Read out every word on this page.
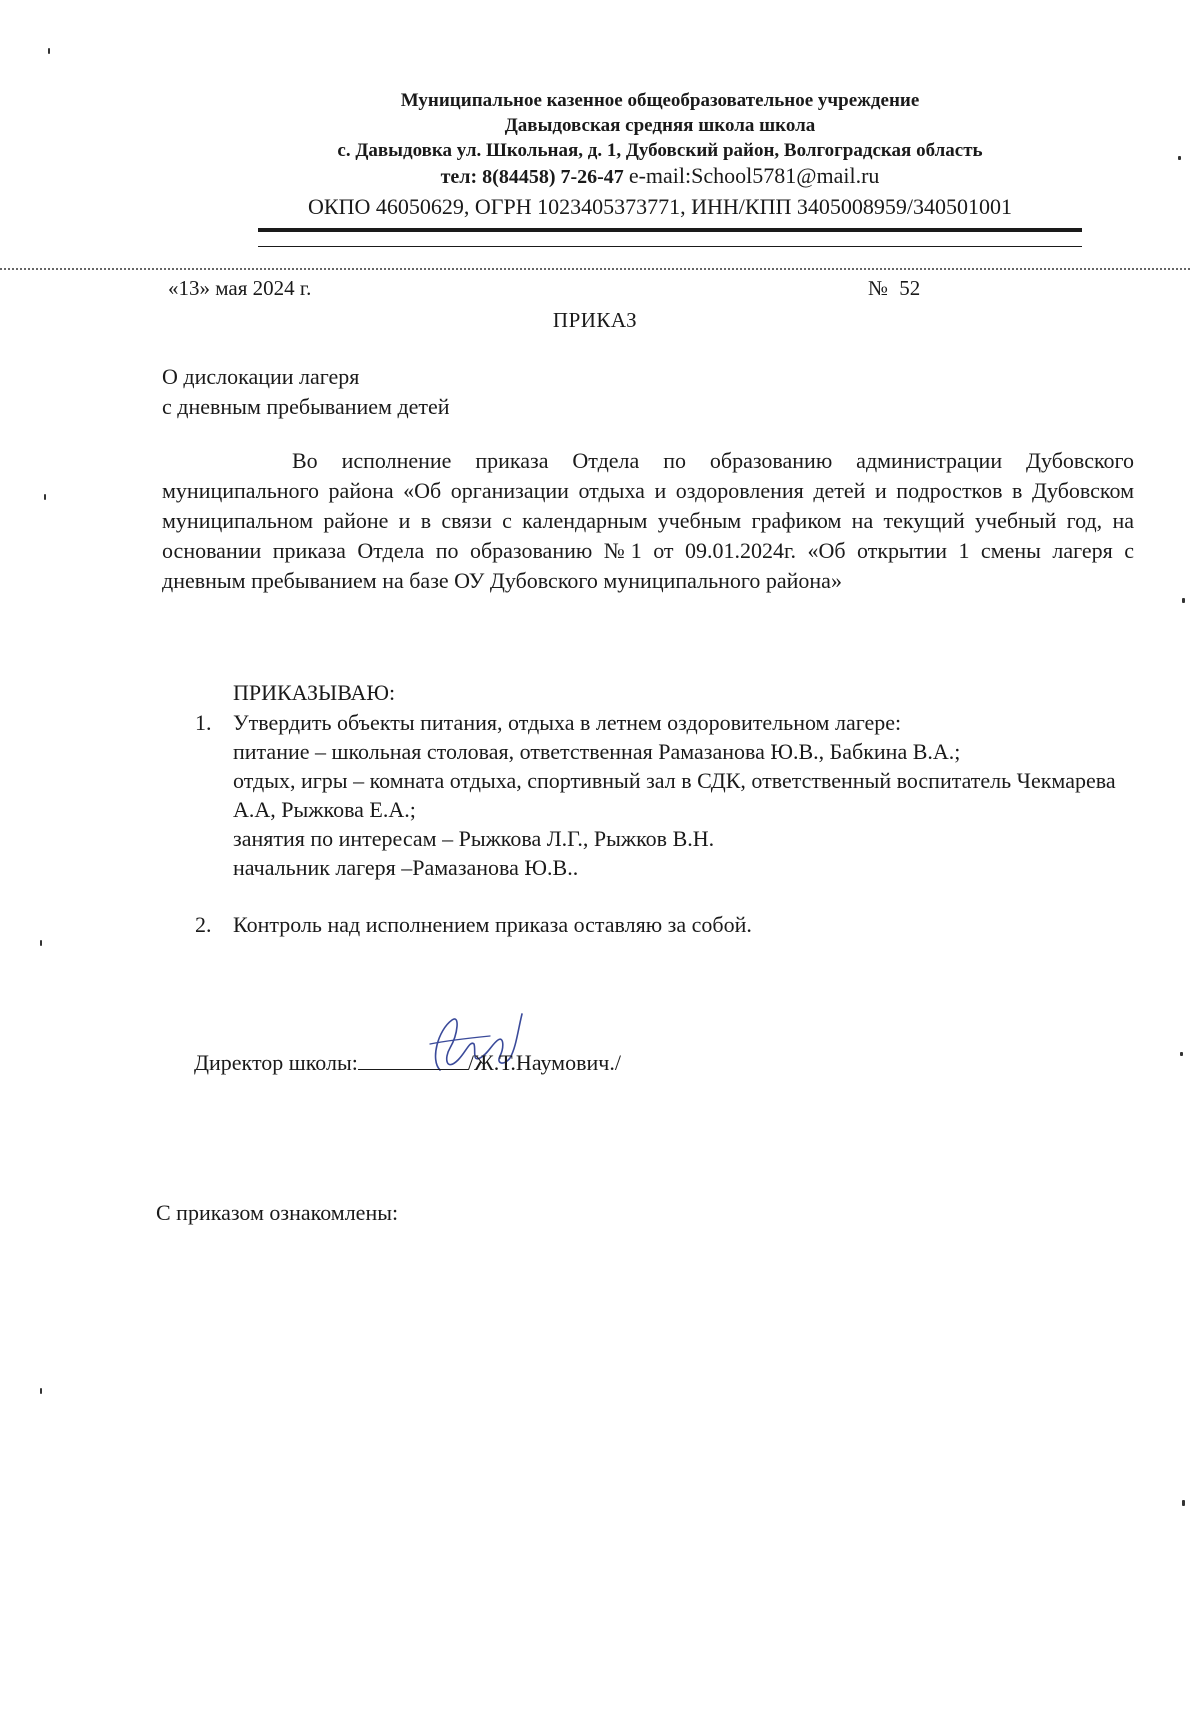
Муниципальное казенное общеобразовательное учреждение
Давыдовская средняя школа школа
с. Давыдовка ул. Школьная, д. 1, Дубовский район, Волгоградская область
тел: 8(84458) 7-26-47 e-mail:School5781@mail.ru
ОКПО 46050629, ОГРН 1023405373771, ИНН/КПП 3405008959/340501001
«13» мая 2024 г.	№ 52
ПРИКАЗ
О дислокации лагеря
с дневным пребыванием детей
Во исполнение приказа Отдела по образованию администрации Дубовского муниципального района «Об организации отдыха и оздоровления детей и подростков в Дубовском муниципальном районе и в связи с календарным учебным графиком на текущий учебный год, на основании приказа Отдела по образованию №1 от 09.01.2024г. «Об открытии 1 смены лагеря с дневным пребыванием на базе ОУ Дубовского муниципального района»
ПРИКАЗЫВАЮ:
1. Утвердить объекты питания, отдыха в летнем оздоровительном лагере:
питание – школьная столовая, ответственная Рамазанова Ю.В., Бабкина В.А.;
отдых, игры – комната отдыха, спортивный зал в СДК, ответственный воспитатель Чекмарева А.А, Рыжкова Е.А.;
занятия по интересам – Рыжкова Л.Г., Рыжков В.Н.
начальник лагеря –Рамазанова Ю.В..
2. Контроль над исполнением приказа оставляю за собой.
Директор школы:	/Ж.Т.Наумович./
С приказом ознакомлены:
